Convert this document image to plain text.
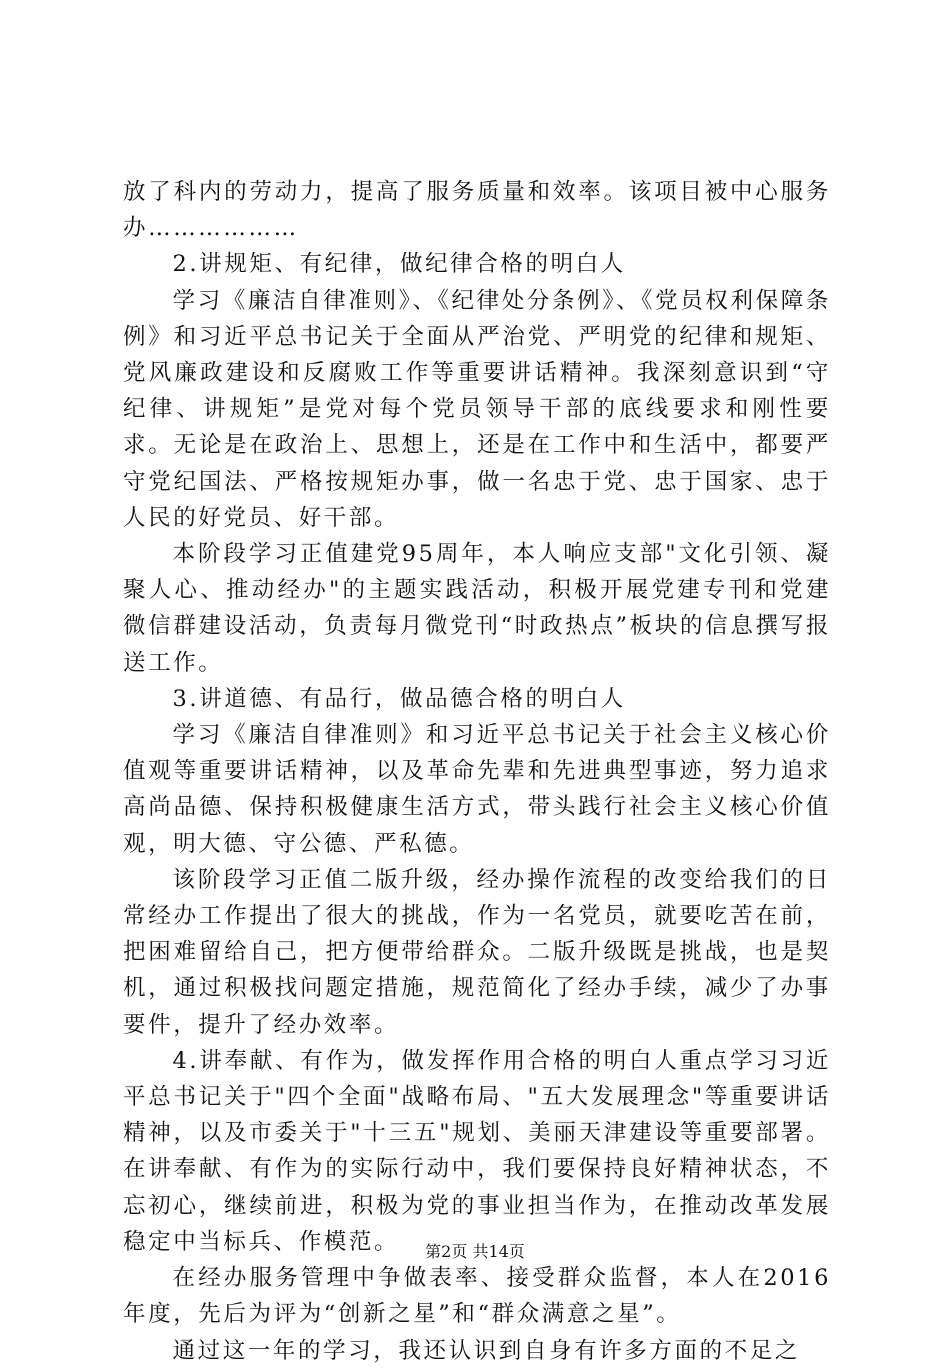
放了科内的劳动力，提高了服务质量和效率。该项目被中心服务办………………

2.讲规矩、有纪律，做纪律合格的明白人

学习《廉洁自律准则》、《纪律处分条例》、《党员权利保障条例》和习近平总书记关于全面从严治党、严明党的纪律和规矩、党风廉政建设和反腐败工作等重要讲话精神。我深刻意识到“守纪律、讲规矩”是党对每个党员领导干部的底线要求和刚性要求。无论是在政治上、思想上，还是在工作中和生活中，都要严守党纪国法、严格按规矩办事，做一名忠于党、忠于国家、忠于人民的好党员、好干部。

本阶段学习正值建党95周年，本人响应支部"文化引领、凝聚人心、推动经办"的主题实践活动，积极开展党建专刊和党建微信群建设活动，负责每月微党刊“时政热点”板块的信息撰写报送工作。

3.讲道德、有品行，做品德合格的明白人

学习《廉洁自律准则》和习近平总书记关于社会主义核心价值观等重要讲话精神，以及革命先辈和先进典型事迹，努力追求高尚品德、保持积极健康生活方式，带头践行社会主义核心价值观，明大德、守公德、严私德。

该阶段学习正值二版升级，经办操作流程的改变给我们的日常经办工作提出了很大的挑战，作为一名党员，就要吃苦在前，把困难留给自己，把方便带给群众。二版升级既是挑战，也是契机，通过积极找问题定措施，规范简化了经办手续，减少了办事要件，提升了经办效率。

4.讲奉献、有作为，做发挥作用合格的明白人重点学习习近平总书记关于"四个全面"战略布局、"五大发展理念"等重要讲话精神，以及市委关于"十三五"规划、美丽天津建设等重要部署。在讲奉献、有作为的实际行动中，我们要保持良好精神状态，不忘初心，继续前进，积极为党的事业担当作为，在推动改革发展稳定中当标兵、作模范。

在经办服务管理中争做表率、接受群众监督，本人在2016年度，先后为评为“创新之星”和“群众满意之星”。

通过这一年的学习，我还认识到自身有许多方面的不足之

第2页 共14页
